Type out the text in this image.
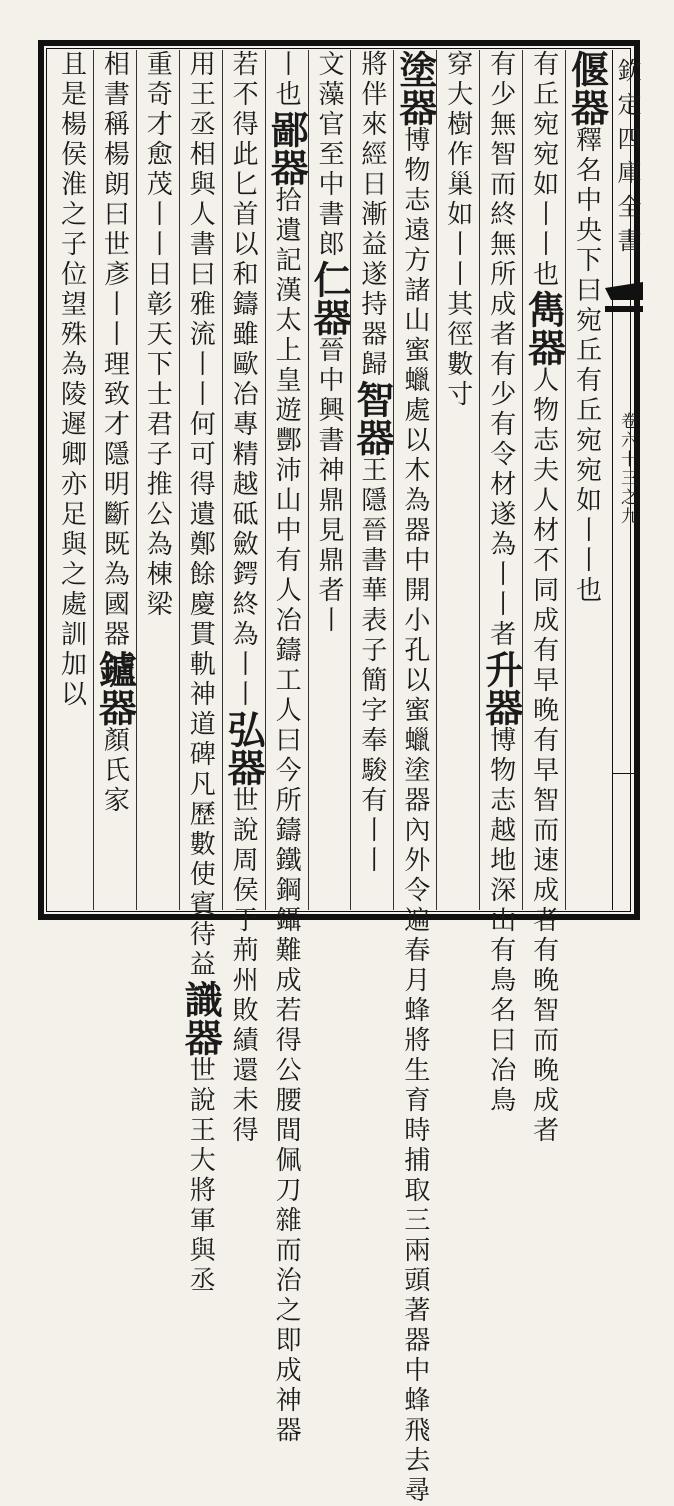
欽定四庫全書
卷六十三之九
偃器釋名中央下曰宛丘有丘宛宛如丨丨也
有丘宛宛如丨丨也雋器人物志夫人材不同成有早晚有早智而速成者有晚智而晚成者
有少無智而終無所成者有少有令材遂為丨丨者升器博物志越地深山有鳥名曰冶鳥
穿大樹作巢如丨丨其徑數寸
塗器博物志遠方諸山蜜蠟處以木為器中開小孔以蜜蠟塗器內外令遍春月蜂將生育時捕取三兩頭著器中蜂飛去尋
將伴來經日漸益遂持器歸智器王隱晉書華表子簡字奉駿有丨丨
文藻官至中書郎仁器晉中興書神鼎見鼎者丨
丨也鄙器拾遺記漢太上皇遊酆沛山中有人冶鑄工人曰今所鑄鐵鋼鑷難成若得公腰間佩刀雜而治之即成神器
若不得此匕首以和鑄雖歐冶專精越砥斂鍔終為丨丨弘器世說周侯于荊州敗績還未得
用王丞相與人書曰雅流丨丨何可得遺鄭餘慶貫軌神道碑凡歷數使賓待益識器世說王大將軍與丞
重奇才愈茂丨丨日彰天下士君子推公為棟梁
相書稱楊朗曰世彥丨丨理致才隱明斷既為國器鑪器顏氏家
且是楊侯淮之子位望殊為陵遲卿亦足與之處訓加以
